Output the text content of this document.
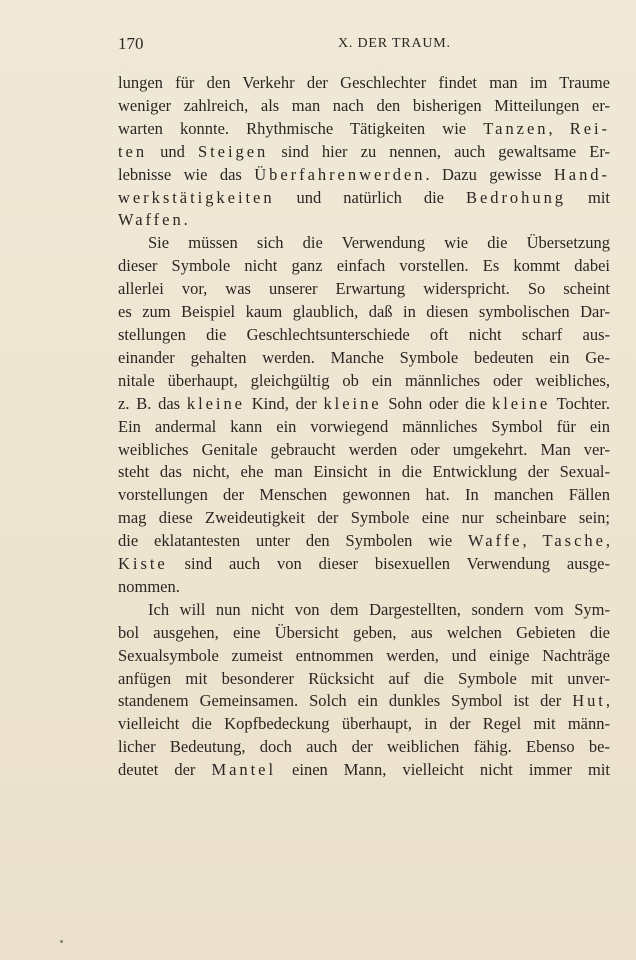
170	X. DER TRAUM.
lungen für den Verkehr der Geschlechter findet man im Traume
weniger zahlreich, als man nach den bisherigen Mitteilungen er-
warten konnte. Rhythmische Tätigkeiten wie Tanzen, Rei-
ten und Steigen sind hier zu nennen, auch gewaltsame Er-
lebnisse wie das Überfahrenwerden. Dazu gewisse Hand-
werkstätigkeiten und natürlich die Bedrohung mit
Waffen.
Sie müssen sich die Verwendung wie die Übersetzung
dieser Symbole nicht ganz einfach vorstellen. Es kommt dabei
allerlei vor, was unserer Erwartung widerspricht. So scheint
es zum Beispiel kaum glaublich, daß in diesen symbolischen Dar-
stellungen die Geschlechtsunterschiede oft nicht scharf aus-
einander gehalten werden. Manche Symbole bedeuten ein Ge-
nitale überhaupt, gleichgültig ob ein männliches oder weibliches,
z. B. das kleine Kind, der kleine Sohn oder die kleine Tochter.
Ein andermal kann ein vorwiegend männliches Symbol für ein
weibliches Genitale gebraucht werden oder umgekehrt. Man ver-
steht das nicht, ehe man Einsicht in die Entwicklung der Sexual-
vorstellungen der Menschen gewonnen hat. In manchen Fällen
mag diese Zweideutigkeit der Symbole eine nur scheinbare sein;
die eklatantesten unter den Symbolen wie Waffe, Tasche,
Kiste sind auch von dieser bisexuellen Verwendung ausge-
nommen.
Ich will nun nicht von dem Dargestellten, sondern vom Sym-
bol ausgehen, eine Übersicht geben, aus welchen Gebieten die
Sexualsymbole zumeist entnommen werden, und einige Nachträge
anfügen mit besonderer Rücksicht auf die Symbole mit unver-
standenem Gemeinsamen. Solch ein dunkles Symbol ist der Hut,
vielleicht die Kopfbedeckung überhaupt, in der Regel mit männ-
licher Bedeutung, doch auch der weiblichen fähig. Ebenso be-
deutet der Mantel einen Mann, vielleicht nicht immer mit
